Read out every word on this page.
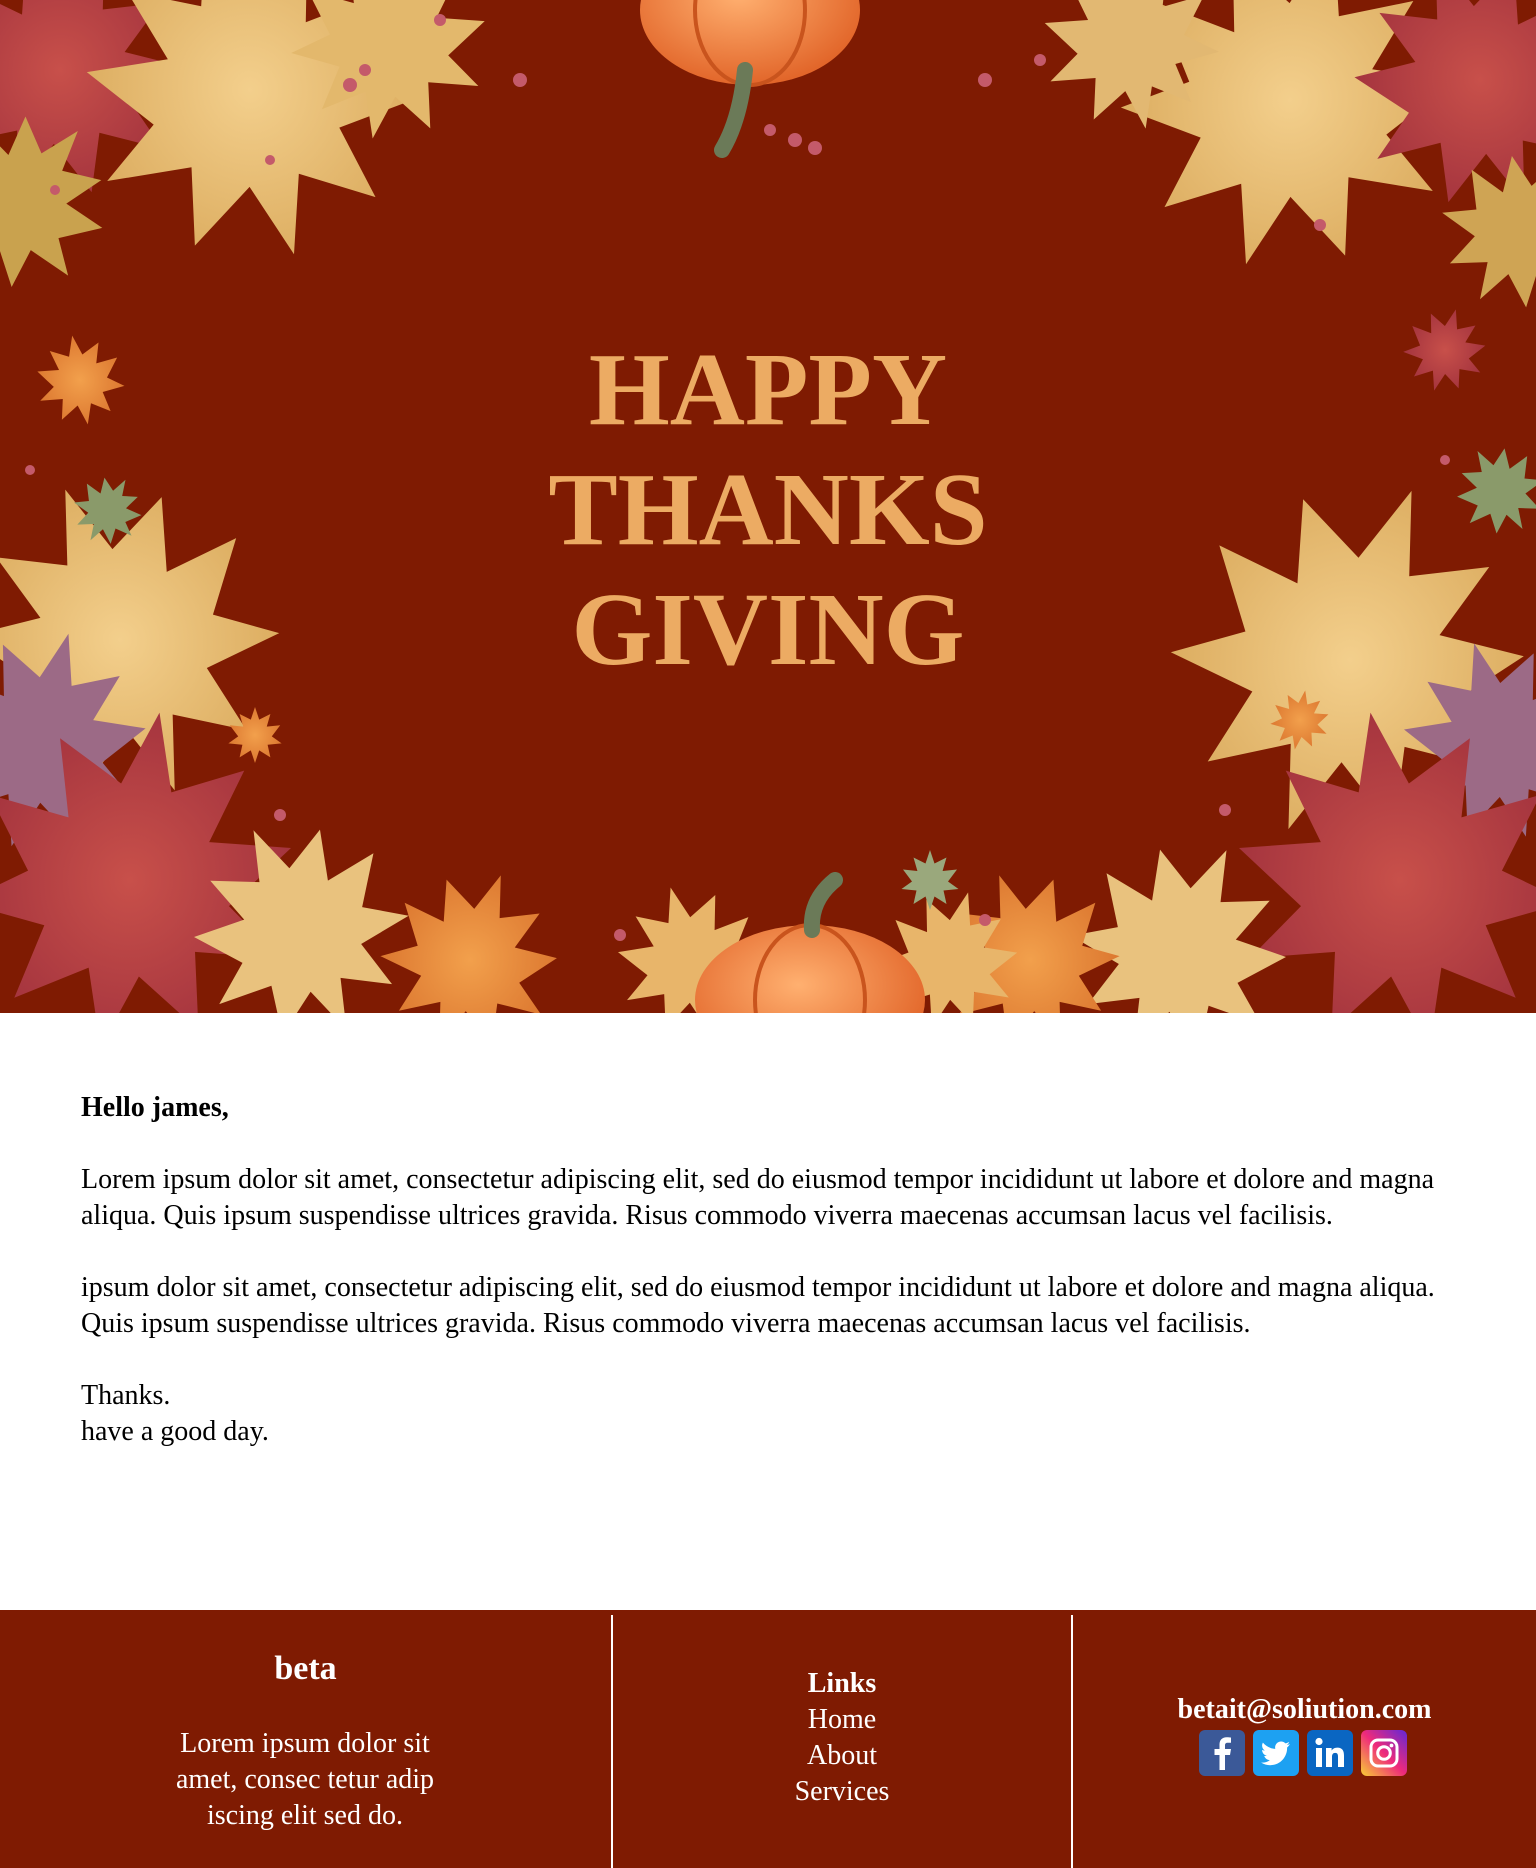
HAPPY
THANKS
GIVING

Hello james,

Lorem ipsum dolor sit amet, consectetur adipiscing elit, sed do eiusmod tempor incididunt ut labore et dolore and magna aliqua. Quis ipsum suspendisse ultrices gravida. Risus commodo viverra maecenas accumsan lacus vel facilisis.

ipsum dolor sit amet, consectetur adipiscing elit, sed do eiusmod tempor incididunt ut labore et dolore and magna aliqua. Quis ipsum suspendisse ultrices gravida. Risus commodo viverra maecenas accumsan lacus vel facilisis.

Thanks.
have a good day.

beta

Lorem ipsum dolor sit amet, consec tetur adip iscing elit sed do.

Links
Home
About
Services
betait@soliution.com
